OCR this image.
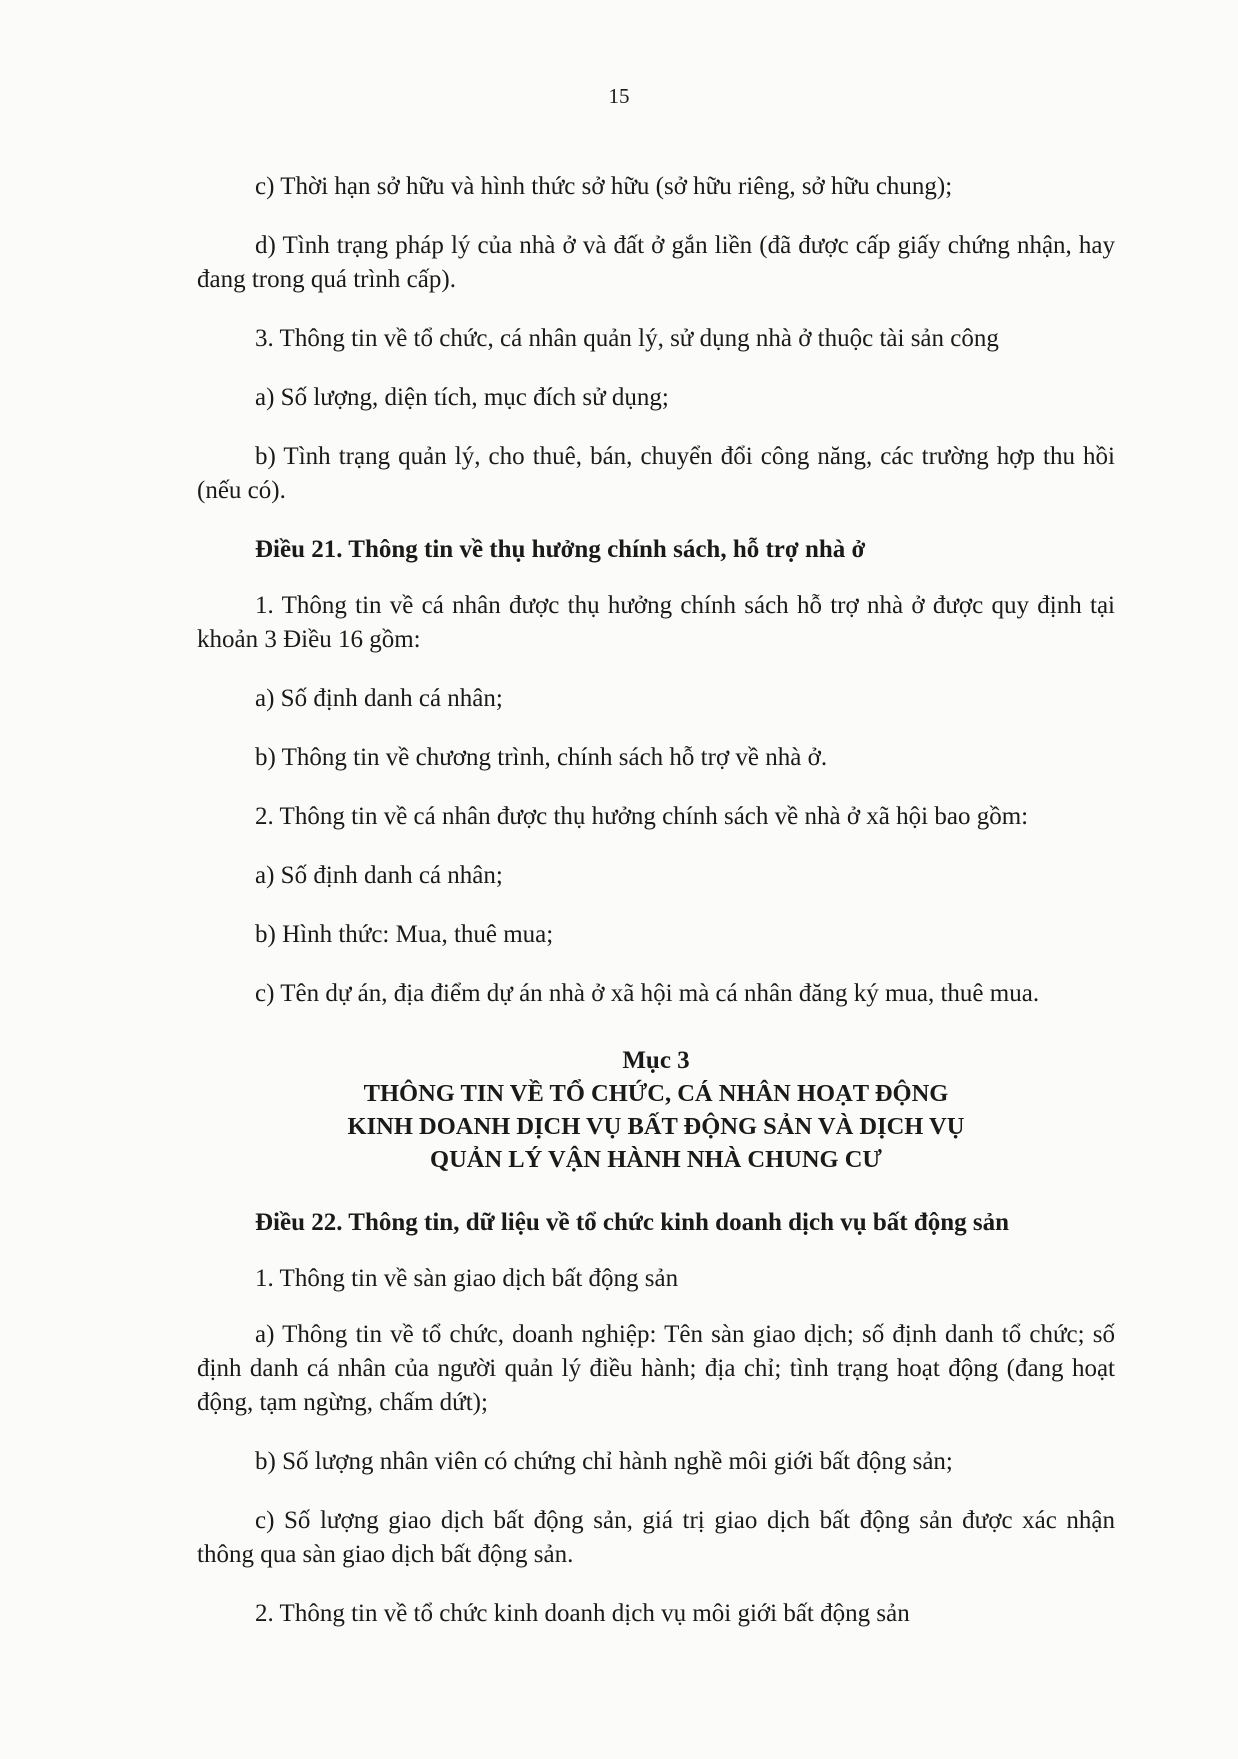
15

c) Thời hạn sở hữu và hình thức sở hữu (sở hữu riêng, sở hữu chung);

d) Tình trạng pháp lý của nhà ở và đất ở gắn liền (đã được cấp giấy chứng nhận, hay đang trong quá trình cấp).

3. Thông tin về tổ chức, cá nhân quản lý, sử dụng nhà ở thuộc tài sản công

a) Số lượng, diện tích, mục đích sử dụng;

b) Tình trạng quản lý, cho thuê, bán, chuyển đổi công năng, các trường hợp thu hồi (nếu có).

Điều 21. Thông tin về thụ hưởng chính sách, hỗ trợ nhà ở

1. Thông tin về cá nhân được thụ hưởng chính sách hỗ trợ nhà ở được quy định tại khoản 3 Điều 16 gồm:

a) Số định danh cá nhân;

b) Thông tin về chương trình, chính sách hỗ trợ về nhà ở.

2. Thông tin về cá nhân được thụ hưởng chính sách về nhà ở xã hội bao gồm:

a) Số định danh cá nhân;

b) Hình thức: Mua, thuê mua;

c) Tên dự án, địa điểm dự án nhà ở xã hội mà cá nhân đăng ký mua, thuê mua.

Mục 3
THÔNG TIN VỀ TỔ CHỨC, CÁ NHÂN HOẠT ĐỘNG
KINH DOANH DỊCH VỤ BẤT ĐỘNG SẢN VÀ DỊCH VỤ
QUẢN LÝ VẬN HÀNH NHÀ CHUNG CƯ

Điều 22. Thông tin, dữ liệu về tổ chức kinh doanh dịch vụ bất động sản

1. Thông tin về sàn giao dịch bất động sản

a) Thông tin về tổ chức, doanh nghiệp: Tên sàn giao dịch; số định danh tổ chức; số định danh cá nhân của người quản lý điều hành; địa chỉ; tình trạng hoạt động (đang hoạt động, tạm ngừng, chấm dứt);

b) Số lượng nhân viên có chứng chỉ hành nghề môi giới bất động sản;

c) Số lượng giao dịch bất động sản, giá trị giao dịch bất động sản được xác nhận thông qua sàn giao dịch bất động sản.

2. Thông tin về tổ chức kinh doanh dịch vụ môi giới bất động sản
